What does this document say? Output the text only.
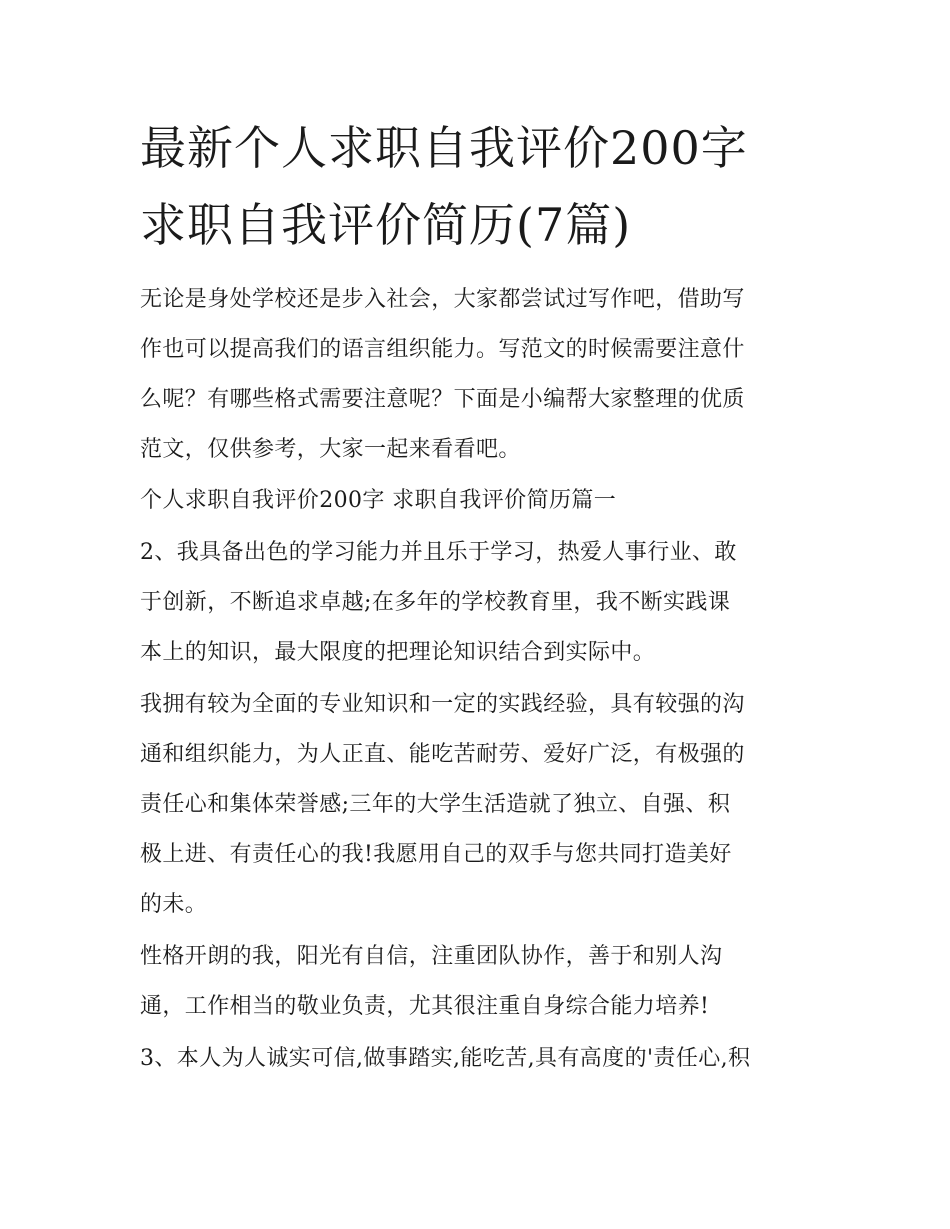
最新个人求职自我评价200字
求职自我评价简历(7篇)
无论是身处学校还是步入社会，大家都尝试过写作吧，借助写
作也可以提高我们的语言组织能力。写范文的时候需要注意什
么呢？有哪些格式需要注意呢？下面是小编帮大家整理的优质
范文，仅供参考，大家一起来看看吧。
个人求职自我评价200字 求职自我评价简历篇一
2、我具备出色的学习能力并且乐于学习，热爱人事行业、敢
于创新，不断追求卓越;在多年的学校教育里，我不断实践课
本上的知识，最大限度的把理论知识结合到实际中。
我拥有较为全面的专业知识和一定的实践经验，具有较强的沟
通和组织能力，为人正直、能吃苦耐劳、爱好广泛，有极强的
责任心和集体荣誉感;三年的大学生活造就了独立、自强、积
极上进、有责任心的我!我愿用自己的双手与您共同打造美好
的未。
性格开朗的我，阳光有自信，注重团队协作，善于和别人沟
通，工作相当的敬业负责，尤其很注重自身综合能力培养!
3、本人为人诚实可信,做事踏实,能吃苦,具有高度的'责任心,积
